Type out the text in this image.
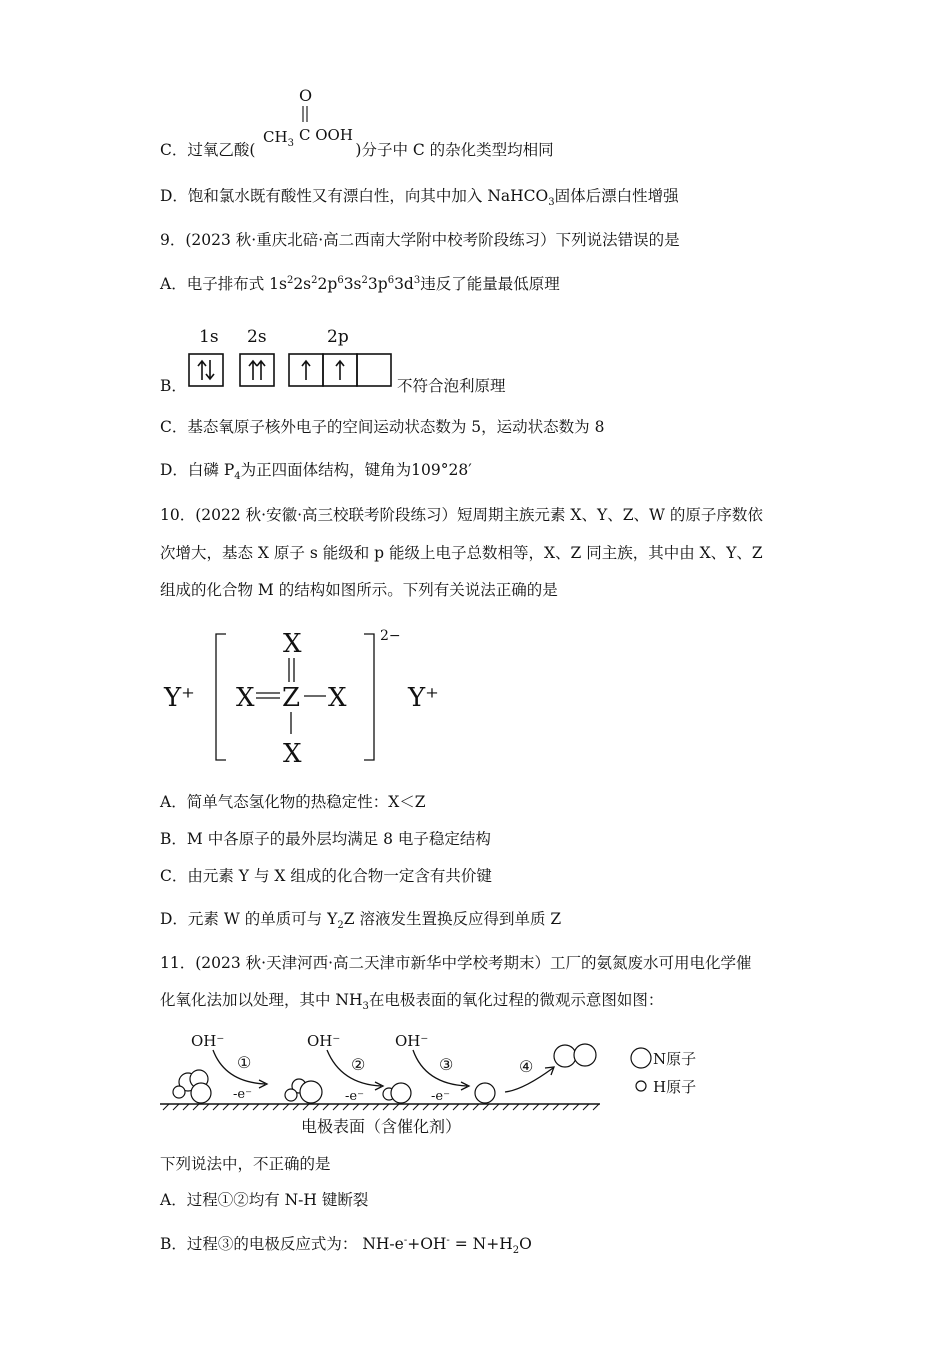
C．过氧乙酸(	)分子中 C 的杂化类型均相同
O
$CH_3$ C OOH
D．饱和氯水既有酸性又有漂白性，向其中加入 NaHCO$_3$固体后漂白性增强
9．(2023 秋·重庆北碚·高二西南大学附中校考阶段练习）下列说法错误的是
A．电子排布式 $1s^22s^22p^63s^23p^63d^3$违反了能量最低原理
B．
1s 2s	2p
不符合泡利原理
C．基态氧原子核外电子的空间运动状态数为 5，运动状态数为 8
D．白磷 $P_4$为正四面体结构，键角为109°28′
10．(2022 秋·安徽·高三校联考阶段练习）短周期主族元素 X、Y、Z、W 的原子序数依
次增大，基态 X 原子 s 能级和 p 能级上电子总数相等，X、Z 同主族，其中由 X、Y、Z
组成的化合物 M 的结构如图所示。下列有关说法正确的是
Y⁺
2−
X
X Z X
X
Y⁺
A．简单气态氢化物的热稳定性：X＜Z
B．M 中各原子的最外层均满足 8 电子稳定结构
C．由元素 Y 与 X 组成的化合物一定含有共价键
D．元素 W 的单质可与 $Y_2Z$ 溶液发生置换反应得到单质 Z
11．(2023 秋·天津河西·高二天津市新华中学校考期末）工厂的氨氮废水可用电化学催
化氧化法加以处理，其中 $NH_3$在电极表面的氧化过程的微观示意图如图：
OH⁻	OH⁻	OH⁻
①	②	③	④
-e⁻	-e⁻	-e⁻
N原子
H原子
电极表面（含催化剂）
下列说法中，不正确的是
A．过程①②均有 N-H 键断裂
B．过程③的电极反应式为： $NH-e^-+OH^- = N+H_2O$
